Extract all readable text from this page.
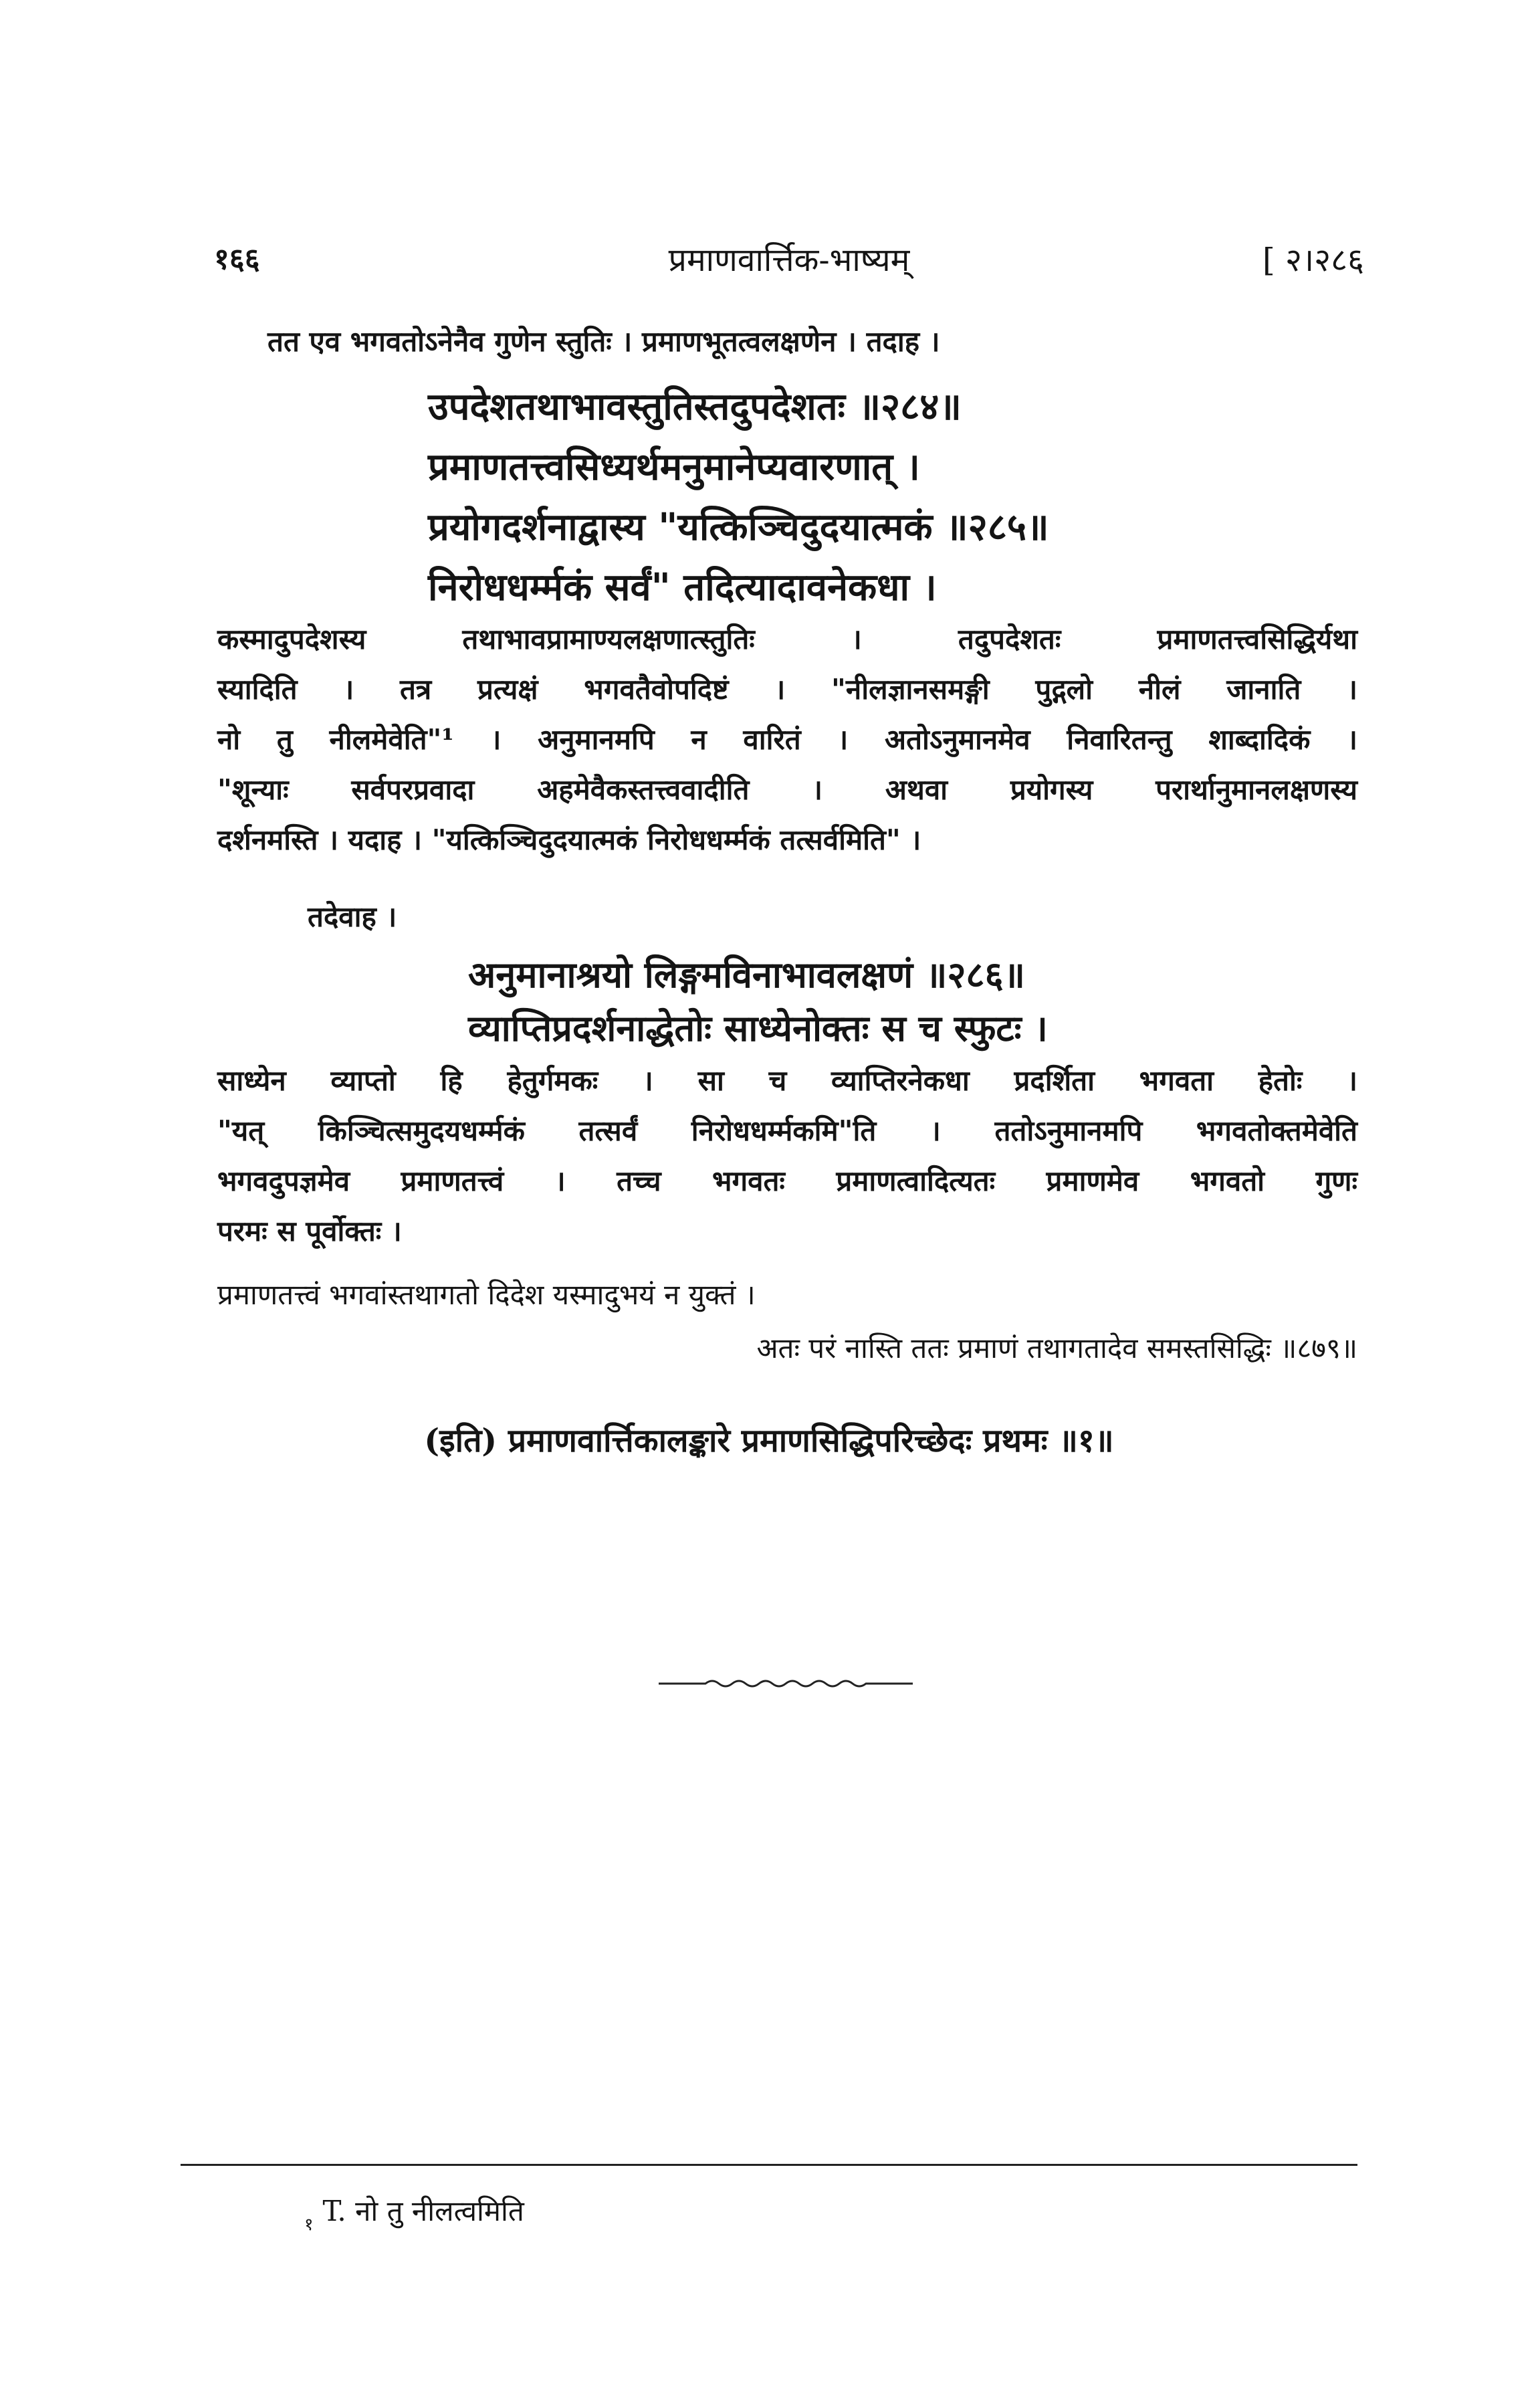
१६६	प्रमाणवार्त्तिक-भाष्यम्	[ २।२८६
तत एव भगवतोऽनेनैव गुणेन स्तुतिः । प्रमाणभूतत्वलक्षणेन । तदाह ।
उपदेशतथाभावस्तुतिस्तदुपदेशतः ॥२८४॥
प्रमाणतत्त्वसिध्यर्थमनुमानेप्यवारणात् ।
प्रयोगदर्शनाद्वास्य "यत्किञ्चिदुदयात्मकं ॥२८५॥
निरोधधर्म्मकं सर्वं" तदित्यादावनेकधा ।
कस्मादुपदेशस्य तथाभावप्रामाण्यलक्षणात्स्तुतिः । तदुपदेशतः प्रमाणतत्त्वसिद्धिर्यथा
स्यादिति । तत्र प्रत्यक्षं भगवतैवोपदिष्टं । "नीलज्ञानसमङ्गी पुद्गलो नीलं जानाति ।
नो तु नीलमेवेति"¹ । अनुमानमपि न वारितं । अतोऽनुमानमेव निवारितन्तु शाब्दादिकं ।
"शून्याः सर्वपरप्रवादा अहमेवैकस्तत्त्ववादीति । अथवा प्रयोगस्य परार्थानुमानलक्षणस्य
दर्शनमस्ति । यदाह । "यत्किञ्चिदुदयात्मकं निरोधधर्म्मकं तत्सर्वमिति" ।
तदेवाह ।
अनुमानाश्रयो लिङ्गमविनाभावलक्षणं ॥२८६॥
व्याप्तिप्रदर्शनाद्धेतोः साध्येनोक्तः स च स्फुटः ।
साध्येन व्याप्तो हि हेतुर्गमकः । सा च व्याप्तिरनेकधा प्रदर्शिता भगवता हेतोः ।
"यत् किञ्चित्समुदयधर्म्मकं तत्सर्वं निरोधधर्म्मकमि"ति । ततोऽनुमानमपि भगवतोक्तमेवेति
भगवदुपज्ञमेव प्रमाणतत्त्वं । तच्च भगवतः प्रमाणत्वादित्यतः प्रमाणमेव भगवतो गुणः
परमः स पूर्वोक्तः ।
प्रमाणतत्त्वं भगवांस्तथागतो दिदेश यस्मादुभयं न युक्तं ।
अतः परं नास्ति ततः प्रमाणं तथागतादेव समस्तसिद्धिः ॥८७९॥
(इति) प्रमाणवार्त्तिकालङ्कारे प्रमाणसिद्धिपरिच्छेदः प्रथमः ॥१॥
$_१$ T. नो तु नीलत्वमिति
